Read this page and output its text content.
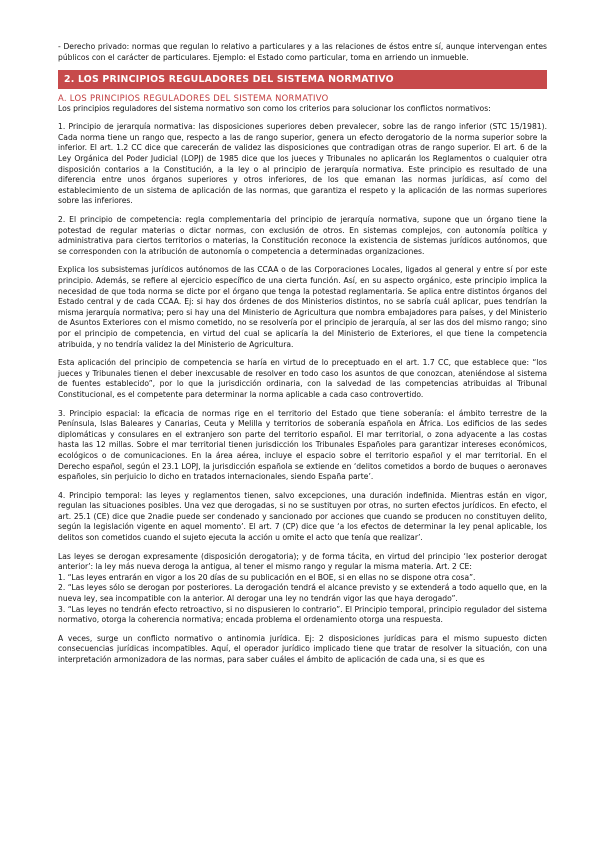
- Derecho privado: normas que regulan lo relativo a particulares y a las relaciones de éstos entre sí, aunque intervengan entes públicos con el carácter de particulares. Ejemplo: el Estado como particular, toma en arriendo un inmueble.

2. LOS PRINCIPIOS REGULADORES DEL SISTEMA NORMATIVO
A. LOS PRINCIPIOS REGULADORES DEL SISTEMA NORMATIVO

Los principios reguladores del sistema normativo son como los criterios para solucionar los conflictos normativos:

1. Principio de jerarquía normativa: las disposiciones superiores deben prevalecer, sobre las de rango inferior (STC 15/1981). Cada norma tiene un rango que, respecto a las de rango superior, genera un efecto derogatorio de la norma superior sobre la inferior. El art. 1.2 CC dice que carecerán de validez las disposiciones que contradigan otras de rango superior. El art. 6 de la Ley Orgánica del Poder Judicial (LOPJ) de 1985 dice que los jueces y Tribunales no aplicarán los Reglamentos o cualquier otra disposición contarios a la Constitución, a la ley o al principio de jerarquía normativa. Este principio es resultado de una diferencia entre unos órganos superiores y otros inferiores, de los que emanan las normas jurídicas, así como del establecimiento de un sistema de aplicación de las normas, que garantiza el respeto y la aplicación de las normas superiores sobre las inferiores.

2. El principio de competencia: regla complementaria del principio de jerarquía normativa, supone que un órgano tiene la potestad de regular materias o dictar normas, con exclusión de otros. En sistemas complejos, con autonomía política y administrativa para ciertos territorios o materias, la Constitución reconoce la existencia de sistemas jurídicos autónomos, que se corresponden con la atribución de autonomía o competencia a determinadas organizaciones.

Explica los subsistemas jurídicos autónomos de las CCAA o de las Corporaciones Locales, ligados al general y entre sí por este principio. Además, se refiere al ejercicio específico de una cierta función. Así, en su aspecto orgánico, este principio implica la necesidad de que toda norma se dicte por el órgano que tenga la potestad reglamentaria. Se aplica entre distintos órganos del Estado central y de cada CCAA. Ej: si hay dos órdenes de dos Ministerios distintos, no se sabría cuál aplicar, pues tendrían la misma jerarquía normativa; pero si hay una del Ministerio de Agricultura que nombra embajadores para países, y del Ministerio de Asuntos Exteriores con el mismo cometido, no se resolvería por el principio de jerarquía, al ser las dos del mismo rango; sino por el principio de competencia, en virtud del cual se aplicaría la del Ministerio de Exteriores, el que tiene la competencia atribuida, y no tendría validez la del Ministerio de Agricultura.

Esta aplicación del principio de competencia se haría en virtud de lo preceptuado en el art. 1.7 CC, que establece que: “los jueces y Tribunales tienen el deber inexcusable de resolver en todo caso los asuntos de que conozcan, ateniéndose al sistema de fuentes establecido”, por lo que la jurisdicción ordinaria, con la salvedad de las competencias atribuidas al Tribunal Constitucional, es el competente para determinar la norma aplicable a cada caso controvertido.

3. Principio espacial: la eficacia de normas rige en el territorio del Estado que tiene soberanía: el ámbito terrestre de la Península, Islas Baleares y Canarias, Ceuta y Melilla y territorios de soberanía española en África. Los edificios de las sedes diplomáticas y consulares en el extranjero son parte del territorio español. El mar territorial, o zona adyacente a las costas hasta las 12 millas. Sobre el mar territorial tienen jurisdicción los Tribunales Españoles para garantizar intereses económicos, ecológicos o de comunicaciones. En la área aérea, incluye el espacio sobre el territorio español y el mar territorial. En el Derecho español, según el 23.1 LOPJ, la jurisdicción española se extiende en ‘delitos cometidos a bordo de buques o aeronaves españoles, sin perjuicio lo dicho en tratados internacionales, siendo España parte’.

4. Principio temporal: las leyes y reglamentos tienen, salvo excepciones, una duración indefinida. Mientras están en vigor, regulan las situaciones posibles. Una vez que derogadas, si no se sustituyen por otras, no surten efectos jurídicos. En efecto, el art. 25.1 (CE) dice que 2nadie puede ser condenado y sancionado por acciones que cuando se producen no constituyen delito, según la legislación vigente en aquel momento’. El art. 7 (CP) dice que ‘a los efectos de determinar la ley penal aplicable, los delitos son cometidos cuando el sujeto ejecuta la acción u omite el acto que tenía que realizar’.

Las leyes se derogan expresamente (disposición derogatoria); y de forma tácita, en virtud del principio ‘lex posterior derogat anterior’: la ley más nueva deroga la antigua, al tener el mismo rango y regular la misma materia. Art. 2 CE:
1. “Las leyes entrarán en vigor a los 20 días de su publicación en el BOE, si en ellas no se dispone otra cosa”.
2. “Las leyes sólo se derogan por posteriores. La derogación tendrá el alcance previsto y se extenderá a todo aquello que, en la nueva ley, sea incompatible con la anterior. Al derogar una ley no tendrán vigor las que haya derogado”.
3. “Las leyes no tendrán efecto retroactivo, si no dispusieren lo contrario”. El Principio temporal, principio regulador del sistema normativo, otorga la coherencia normativa; encada problema el ordenamiento otorga una respuesta.

A veces, surge un conflicto normativo o antinomia jurídica. Ej: 2 disposiciones jurídicas para el mismo supuesto dicten consecuencias jurídicas incompatibles. Aquí, el operador jurídico implicado tiene que tratar de resolver la situación, con una interpretación armonizadora de las normas, para saber cuáles el ámbito de aplicación de cada una, si es que es
